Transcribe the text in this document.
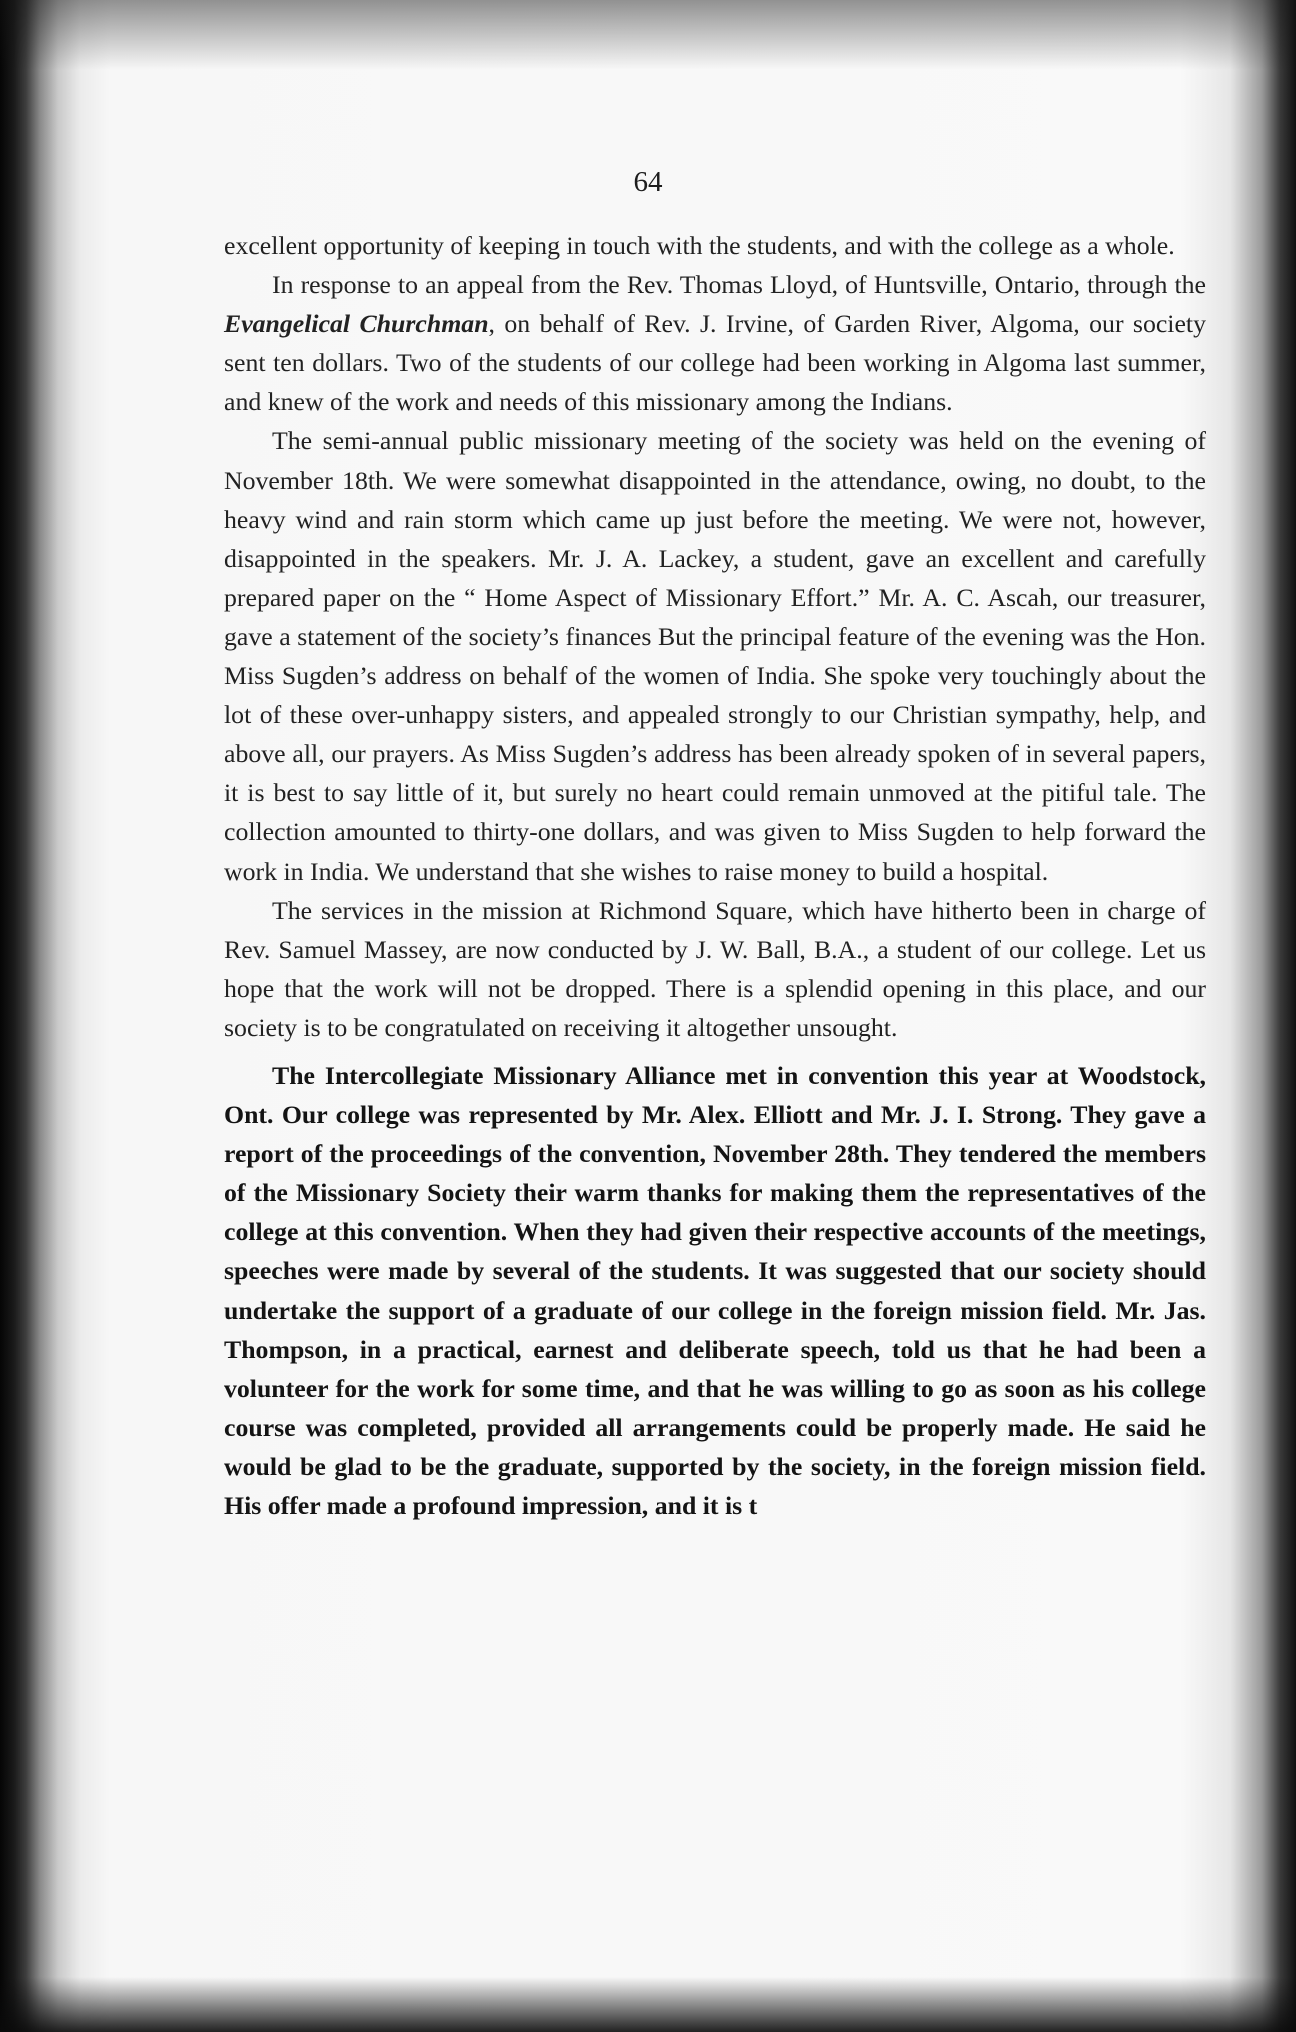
64

excellent opportunity of keeping in touch with the students, and with the college as a whole.

In response to an appeal from the Rev. Thomas Lloyd, of Huntsville, Ontario, through the Evangelical Churchman, on behalf of Rev. J. Irvine, of Garden River, Algoma, our society sent ten dollars. Two of the students of our college had been working in Algoma last summer, and knew of the work and needs of this missionary among the Indians.

The semi-annual public missionary meeting of the society was held on the evening of November 18th. We were somewhat disappointed in the attendance, owing, no doubt, to the heavy wind and rain storm which came up just before the meeting. We were not, however, disappointed in the speakers. Mr. J. A. Lackey, a student, gave an excellent and carefully prepared paper on the “ Home Aspect of Missionary Effort.” Mr. A. C. Ascah, our treasurer, gave a statement of the society’s finances But the principal feature of the evening was the Hon. Miss Sugden’s address on behalf of the women of India. She spoke very touchingly about the lot of these over-unhappy sisters, and appealed strongly to our Christian sympathy, help, and above all, our prayers. As Miss Sugden’s address has been already spoken of in several papers, it is best to say little of it, but surely no heart could remain unmoved at the pitiful tale. The collection amounted to thirty-one dollars, and was given to Miss Sugden to help forward the work in India. We understand that she wishes to raise money to build a hospital.

The services in the mission at Richmond Square, which have hitherto been in charge of Rev. Samuel Massey, are now conducted by J. W. Ball, B.A., a student of our college. Let us hope that the work will not be dropped. There is a splendid opening in this place, and our society is to be congratulated on receiving it altogether unsought.

The Intercollegiate Missionary Alliance met in convention this year at Woodstock, Ont. Our college was represented by Mr. Alex. Elliott and Mr. J. I. Strong. They gave a report of the proceedings of the convention, November 28th. They tendered the members of the Missionary Society their warm thanks for making them the representatives of the college at this convention. When they had given their respective accounts of the meetings, speeches were made by several of the students. It was suggested that our society should undertake the support of a graduate of our college in the foreign mission field. Mr. Jas. Thompson, in a practical, earnest and deliberate speech, told us that he had been a volunteer for the work for some time, and that he was willing to go as soon as his college course was completed, provided all arrangements could be properly made. He said he would be glad to be the graduate, supported by the society, in the foreign mission field. His offer made a profound impression, and it is t
